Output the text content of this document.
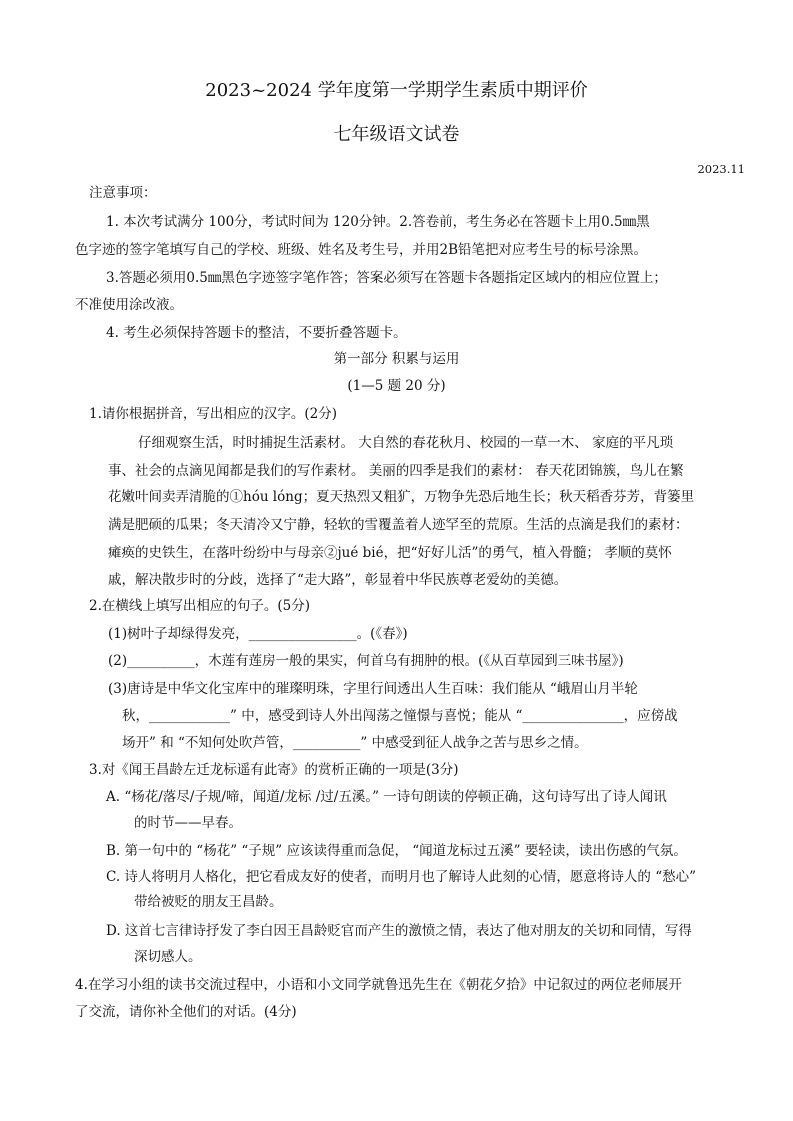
2023~2024 学年度第一学期学生素质中期评价
七年级语文试卷
2023.11
注意事项：
1. 本次考试满分 100分，考试时间为 120分钟。2.答卷前，考生务必在答题卡上用0.5㎜黑
色字迹的签字笔填写自己的学校、班级、姓名及考生号，并用2B铅笔把对应考生号的标号涂黑。
3.答题必须用0.5㎜黑色字迹签字笔作答；答案必须写在答题卡各题指定区域内的相应位置上；
不准使用涂改液。
4. 考生必须保持答题卡的整洁，不要折叠答题卡。
第一部分 积累与运用
(1—5 题 20 分)
1.请你根据拼音，写出相应的汉字。(2分)
仔细观察生活，时时捕捉生活素材。 大自然的春花秋月、校园的一草一木、 家庭的平凡琐
事、社会的点滴见闻都是我们的写作素材。 美丽的四季是我们的素材： 春天花团锦簇，鸟儿在繁
花嫩叶间卖弄清脆的①hóu lóng；夏天热烈又粗犷，万物争先恐后地生长；秋天稻香芬芳，背篓里
满是肥硕的瓜果；冬天清冷又宁静，轻软的雪覆盖着人迹罕至的荒原。生活的点滴是我们的素材：
瘫痪的史铁生，在落叶纷纷中与母亲②jué bié，把“好好儿活”的勇气，植入骨髓； 孝顺的莫怀
戚，解决散步时的分歧，选择了“走大路”，彰显着中华民族尊老爱幼的美德。
2.在横线上填写出相应的句子。(5分)
(1)树叶子却绿得发亮，________________。(《春》)
(2)__________，木莲有莲房一般的果实，何首乌有拥肿的根。(《从百草园到三味书屋》)
(3)唐诗是中华文化宝库中的璀璨明珠，字里行间透出人生百味：我们能从 “峨眉山月半轮
秋，____________” 中，感受到诗人外出闯荡之憧憬与喜悦；能从 “_______________，应傍战
场开” 和 “不知何处吹芦管，__________” 中感受到征人战争之苦与思乡之情。
3.对《闻王昌龄左迁龙标遥有此寄》的赏析正确的一项是(3分)
A. “杨花/落尽/子规/啼，闻道/龙标 /过/五溪。” 一诗句朗读的停顿正确，这句诗写出了诗人闻讯
的时节——早春。
B. 第一句中的 “杨花” “子规” 应该读得重而急促， “闻道龙标过五溪” 要轻读，读出伤感的气氛。
C. 诗人将明月人格化，把它看成友好的使者，而明月也了解诗人此刻的心情，愿意将诗人的 “愁心”
带给被贬的朋友王昌龄。
D. 这首七言律诗抒发了李白因王昌龄贬官而产生的激愤之情，表达了他对朋友的关切和同情，写得
深切感人。
4.在学习小组的读书交流过程中，小语和小文同学就鲁迅先生在《朝花夕拾》中记叙过的两位老师展开
了交流，请你补全他们的对话。(4分)
